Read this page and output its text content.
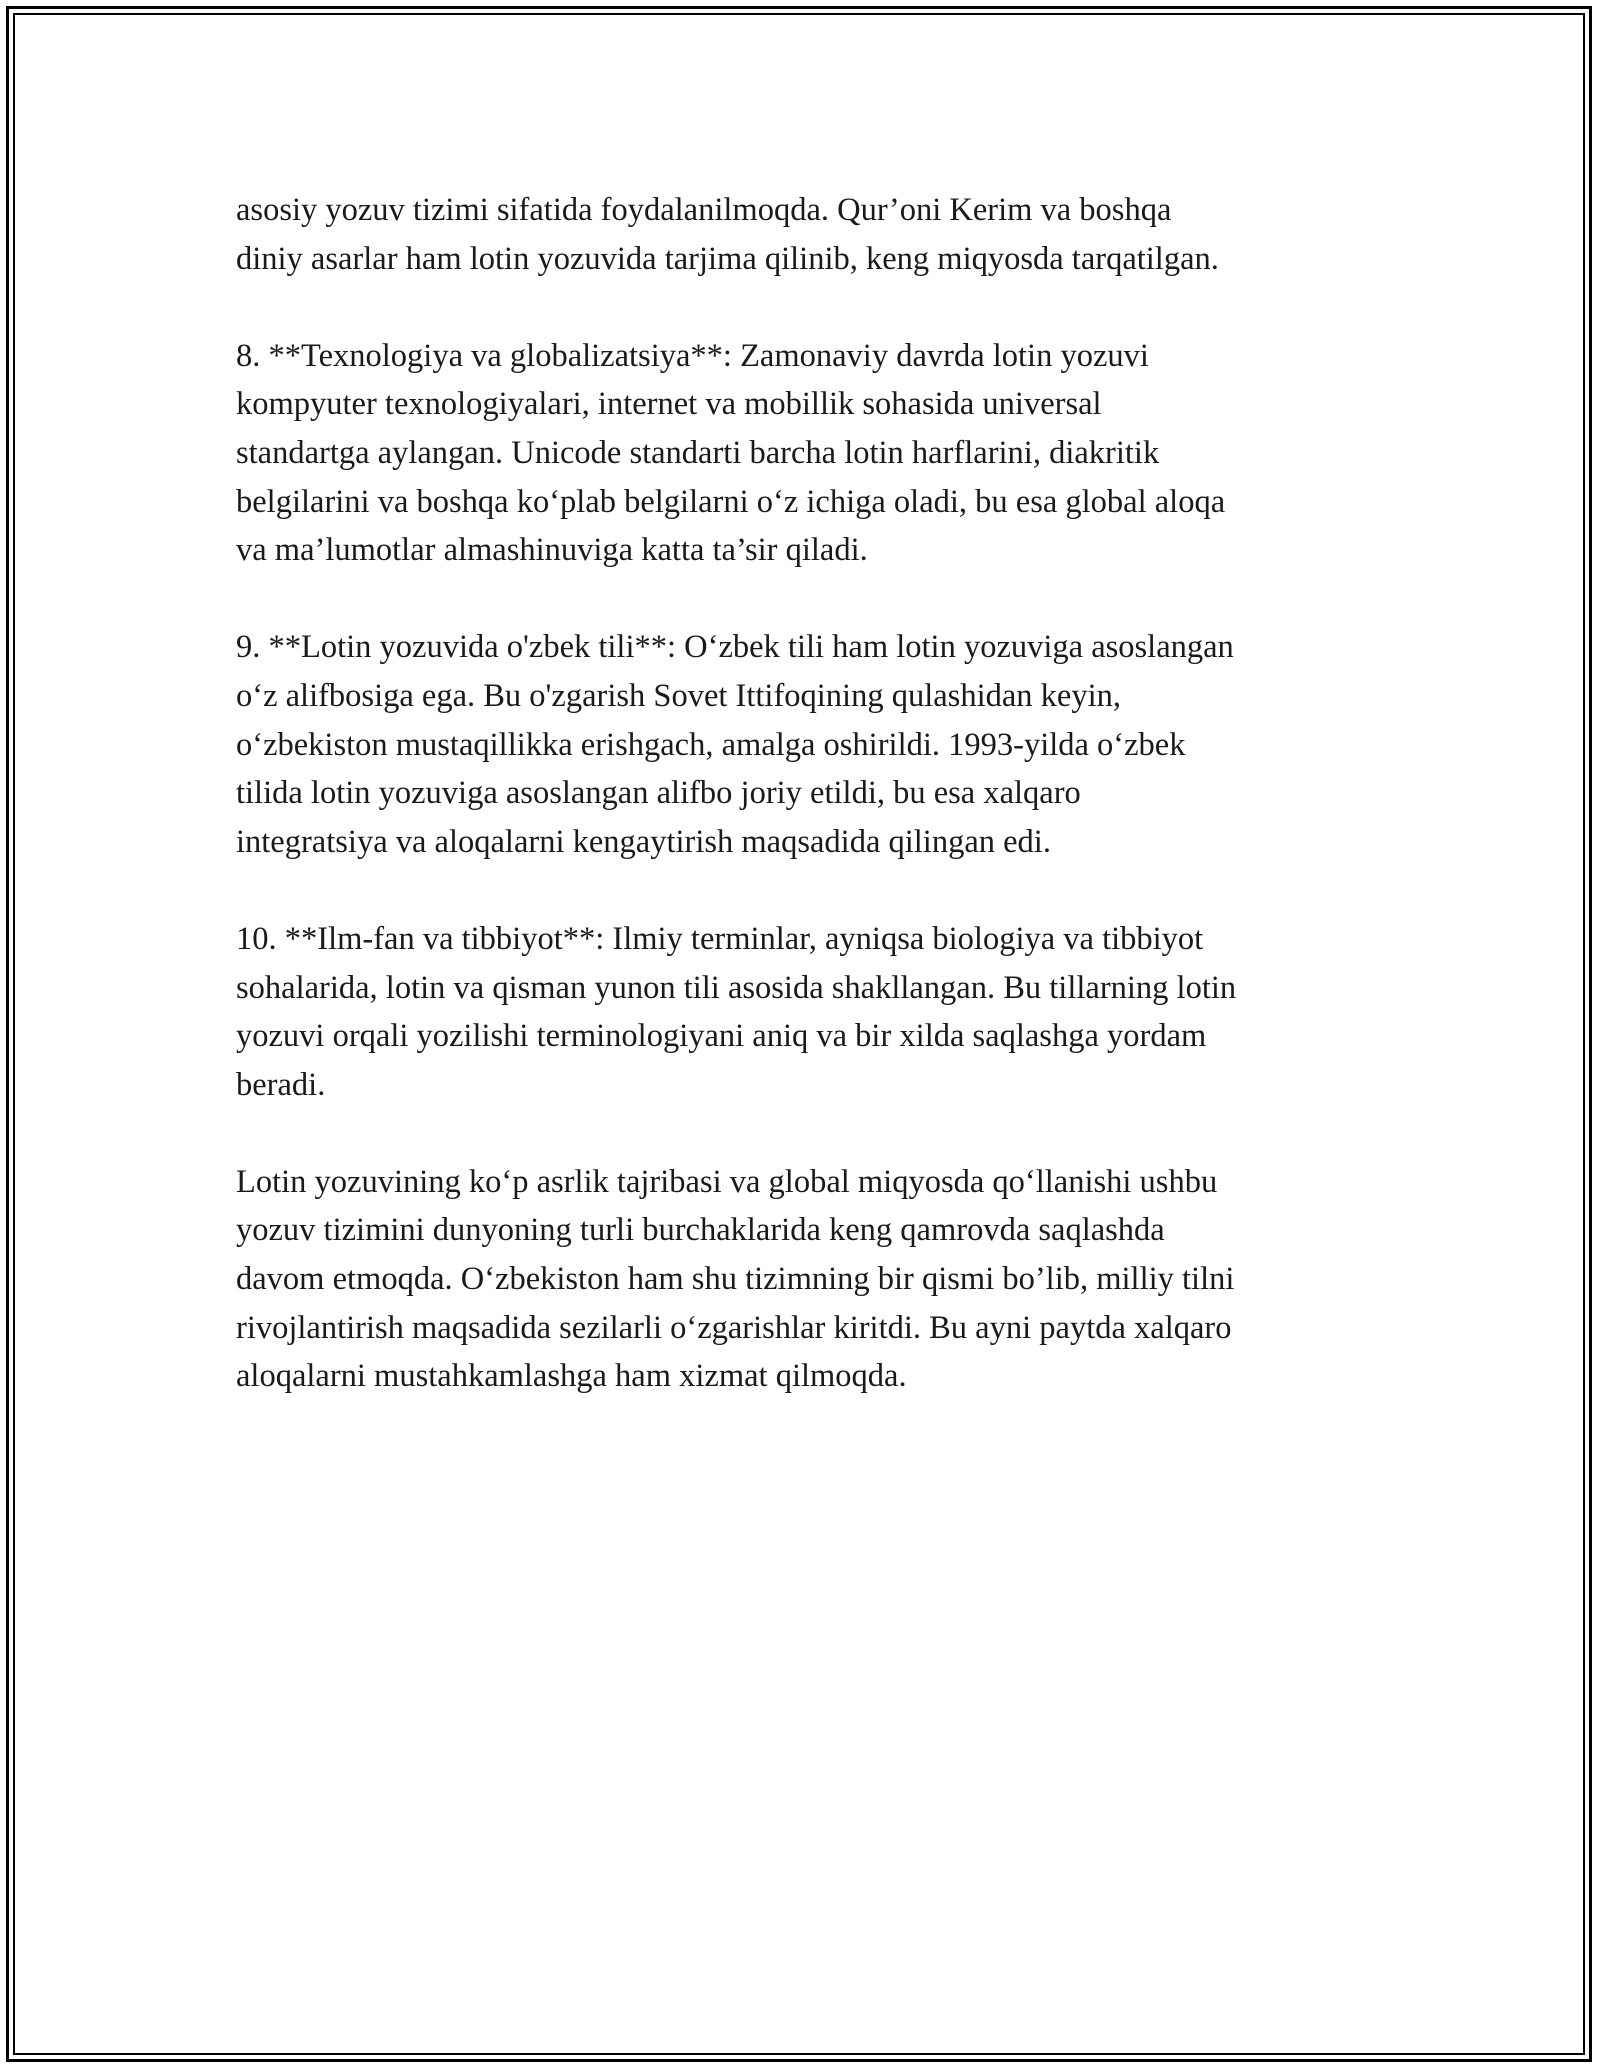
asosiy yozuv tizimi sifatida foydalanilmoqda. Qur’oni Kerim va boshqa
diniy asarlar ham lotin yozuvida tarjima qilinib, keng miqyosda tarqatilgan.

8. **Texnologiya va globalizatsiya**: Zamonaviy davrda lotin yozuvi
kompyuter texnologiyalari, internet va mobillik sohasida universal
standartga aylangan. Unicode standarti barcha lotin harflarini, diakritik
belgilarini va boshqa ko‘plab belgilarni o‘z ichiga oladi, bu esa global aloqa
va ma’lumotlar almashinuviga katta ta’sir qiladi.

9. **Lotin yozuvida o'zbek tili**: O‘zbek tili ham lotin yozuviga asoslangan
o‘z alifbosiga ega. Bu o'zgarish Sovet Ittifoqining qulashidan keyin,
o‘zbekiston mustaqillikka erishgach, amalga oshirildi. 1993-yilda o‘zbek
tilida lotin yozuviga asoslangan alifbo joriy etildi, bu esa xalqaro
integratsiya va aloqalarni kengaytirish maqsadida qilingan edi.

10. **Ilm-fan va tibbiyot**: Ilmiy terminlar, ayniqsa biologiya va tibbiyot
sohalarida, lotin va qisman yunon tili asosida shakllangan. Bu tillarning lotin
yozuvi orqali yozilishi terminologiyani aniq va bir xilda saqlashga yordam
beradi.

Lotin yozuvining ko‘p asrlik tajribasi va global miqyosda qo‘llanishi ushbu
yozuv tizimini dunyoning turli burchaklarida keng qamrovda saqlashda
davom etmoqda. O‘zbekiston ham shu tizimning bir qismi bo’lib, milliy tilni
rivojlantirish maqsadida sezilarli o‘zgarishlar kiritdi. Bu ayni paytda xalqaro
aloqalarni mustahkamlashga ham xizmat qilmoqda.
